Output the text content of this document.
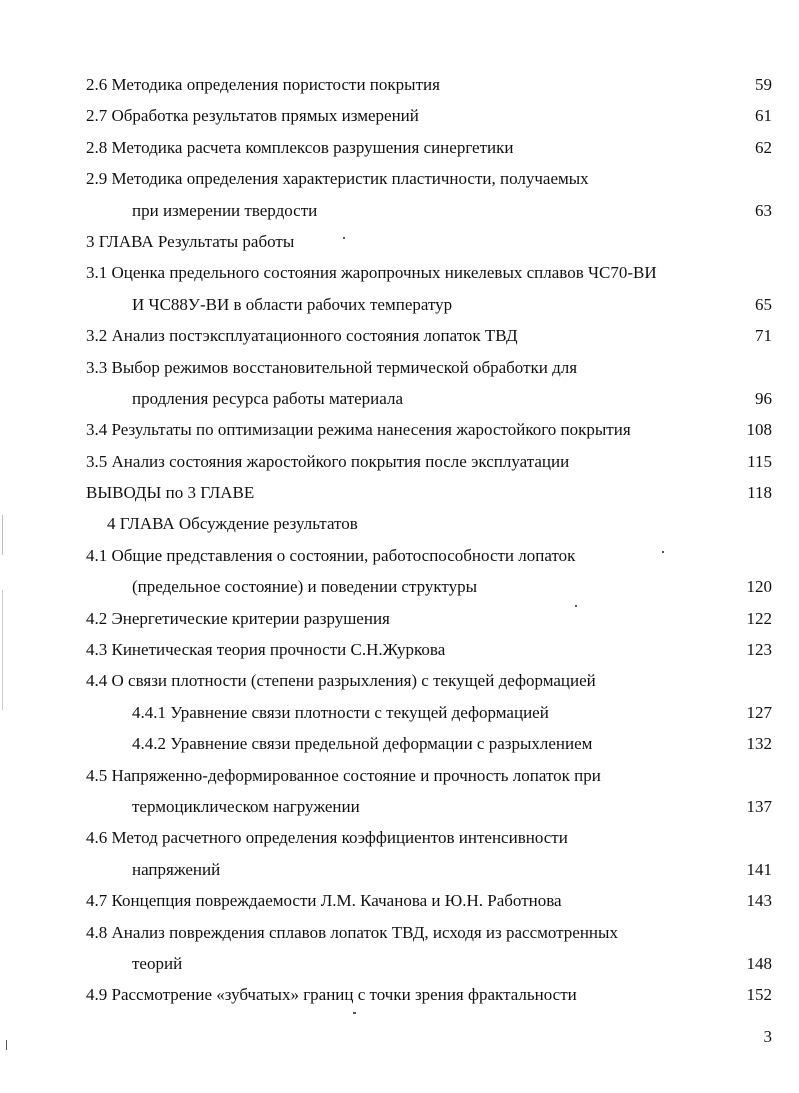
2.6 Методика определения пористости покрытия	59
2.7 Обработка результатов прямых измерений	61
2.8 Методика расчета комплексов разрушения синергетики	62
2.9 Методика определения характеристик пластичности, получаемых
при измерении твердости	63
3 ГЛАВА Результаты работы
3.1 Оценка предельного состояния жаропрочных никелевых сплавов ЧС70-ВИ
И ЧС88У-ВИ в области рабочих температур	65
3.2 Анализ постэксплуатационного состояния лопаток ТВД	71
3.3 Выбор режимов восстановительной термической обработки для
продления ресурса работы материала	96
3.4 Результаты по оптимизации режима нанесения жаростойкого покрытия	108
3.5 Анализ состояния жаростойкого покрытия после эксплуатации	115
ВЫВОДЫ по 3 ГЛАВЕ	118
4 ГЛАВА Обсуждение результатов
4.1 Общие представления о состоянии, работоспособности лопаток
(предельное состояние) и поведении структуры	120
4.2 Энергетические критерии разрушения	122
4.3 Кинетическая теория прочности С.Н.Журкова	123
4.4 О связи плотности (степени разрыхления) с текущей деформацией
4.4.1 Уравнение связи плотности с текущей деформацией	127
4.4.2 Уравнение связи предельной деформации с разрыхлением	132
4.5 Напряженно-деформированное состояние и прочность лопаток при
термоциклическом нагружении	137
4.6 Метод расчетного определения коэффициентов интенсивности
напряжений	141
4.7 Концепция повреждаемости Л.М. Качанова и Ю.Н. Работнова	143
4.8 Анализ повреждения сплавов лопаток ТВД, исходя из рассмотренных
теорий	148
4.9 Рассмотрение «зубчатых» границ с точки зрения фрактальности	152
3
